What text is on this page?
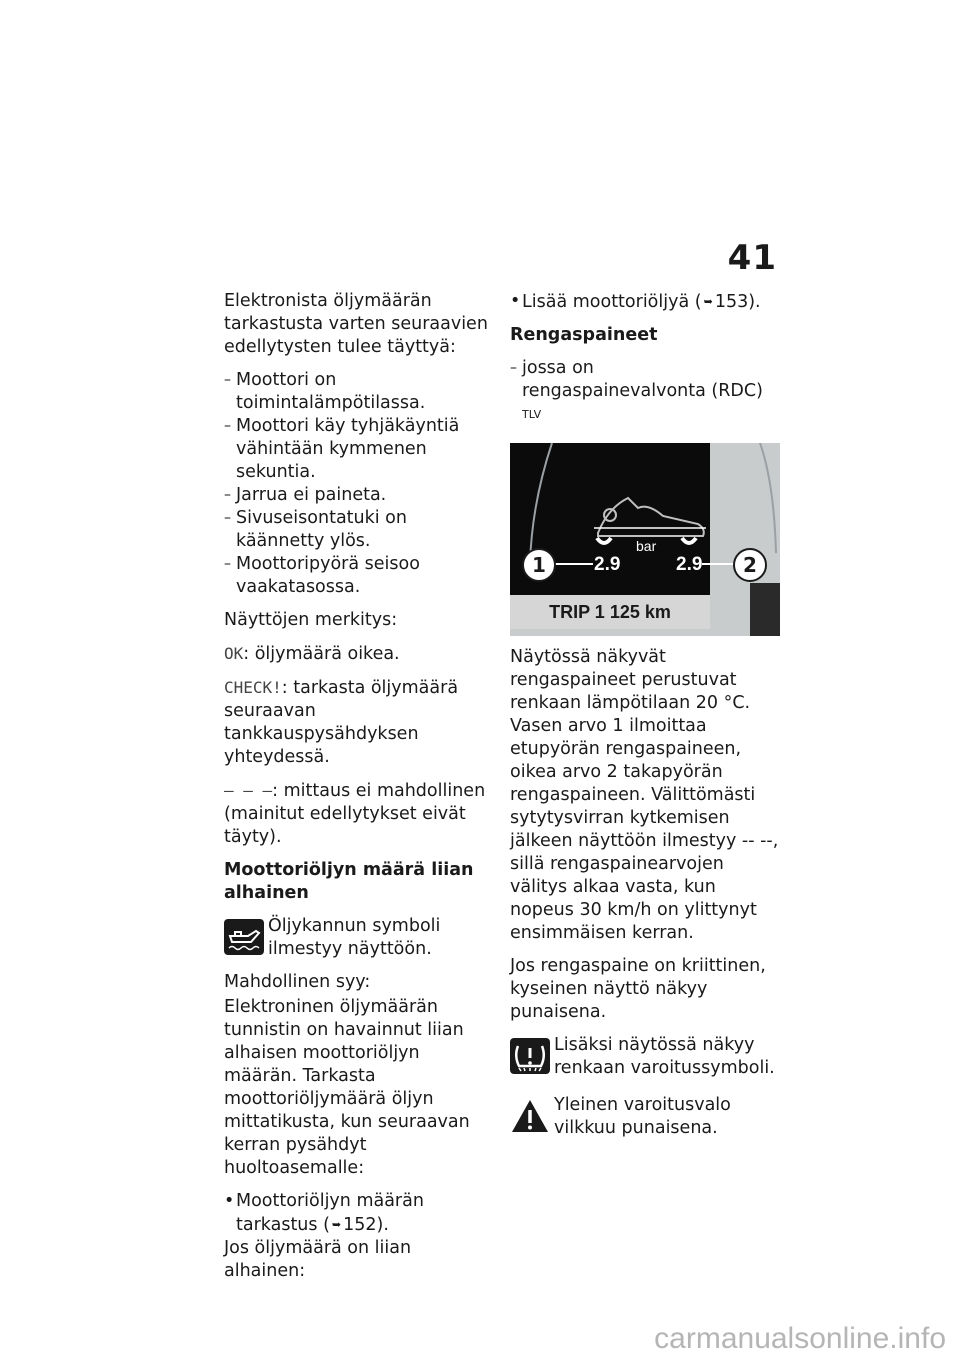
41

Elektronista öljymäärän tarkastusta varten seuraavien edellytysten tulee täyttyä:

– Moottori on toimintalämpötilassa.
– Moottori käy tyhjäkäyntiä vähintään kymmenen sekuntia.
– Jarrua ei paineta.
– Sivuseisontatuki on käännetty ylös.
– Moottoripyörä seisoo vaakatasossa.

Näyttöjen merkitys:

OK: öljymäärä oikea.

CHECK!: tarkasta öljymäärä seuraavan tankkauspysähdyksen yhteydessä.

– – –: mittaus ei mahdollinen (mainitut edellytykset eivät täyty).

Moottoriöljyn määrä liian alhainen

Öljykannun symboli ilmestyy näyttöön.

Mahdollinen syy:

Elektroninen öljymäärän tunnistin on havainnut liian alhaisen moottoriöljyn määrän. Tarkasta moottoriöljymäärä öljyn mittatikusta, kun seuraavan kerran pysähdyt huoltoasemalle:

• Moottoriöljyn määrän tarkastus ( ➥ 152).

Jos öljymäärä on liian alhainen:

• Lisää moottoriöljyä ( ➥ 153).

Rengaspaineet

– jossa on rengaspainevalvonta (RDC) $^{TLV}$
bar
2.9	2.9
TRIP 1 125 km
1	2

Näytössä näkyvät rengaspaineet perustuvat renkaan lämpötilaan 20 °C. Vasen arvo 1 ilmoittaa etupyörän rengaspaineen, oikea arvo 2 takapyörän rengaspaineen. Välittömästi sytytysvirran kytkemisen jälkeen näyttöön ilmestyy -- --, sillä rengaspainearvojen välitys alkaa vasta, kun nopeus 30 km/h on ylittynyt ensimmäisen kerran.

Jos rengaspaine on kriittinen, kyseinen näyttö näkyy punaisena.

Lisäksi näytössä näkyy renkaan varoitussymboli.
Yleinen varoitusvalo vilkkuu punaisena.
carmanualsonline.info
